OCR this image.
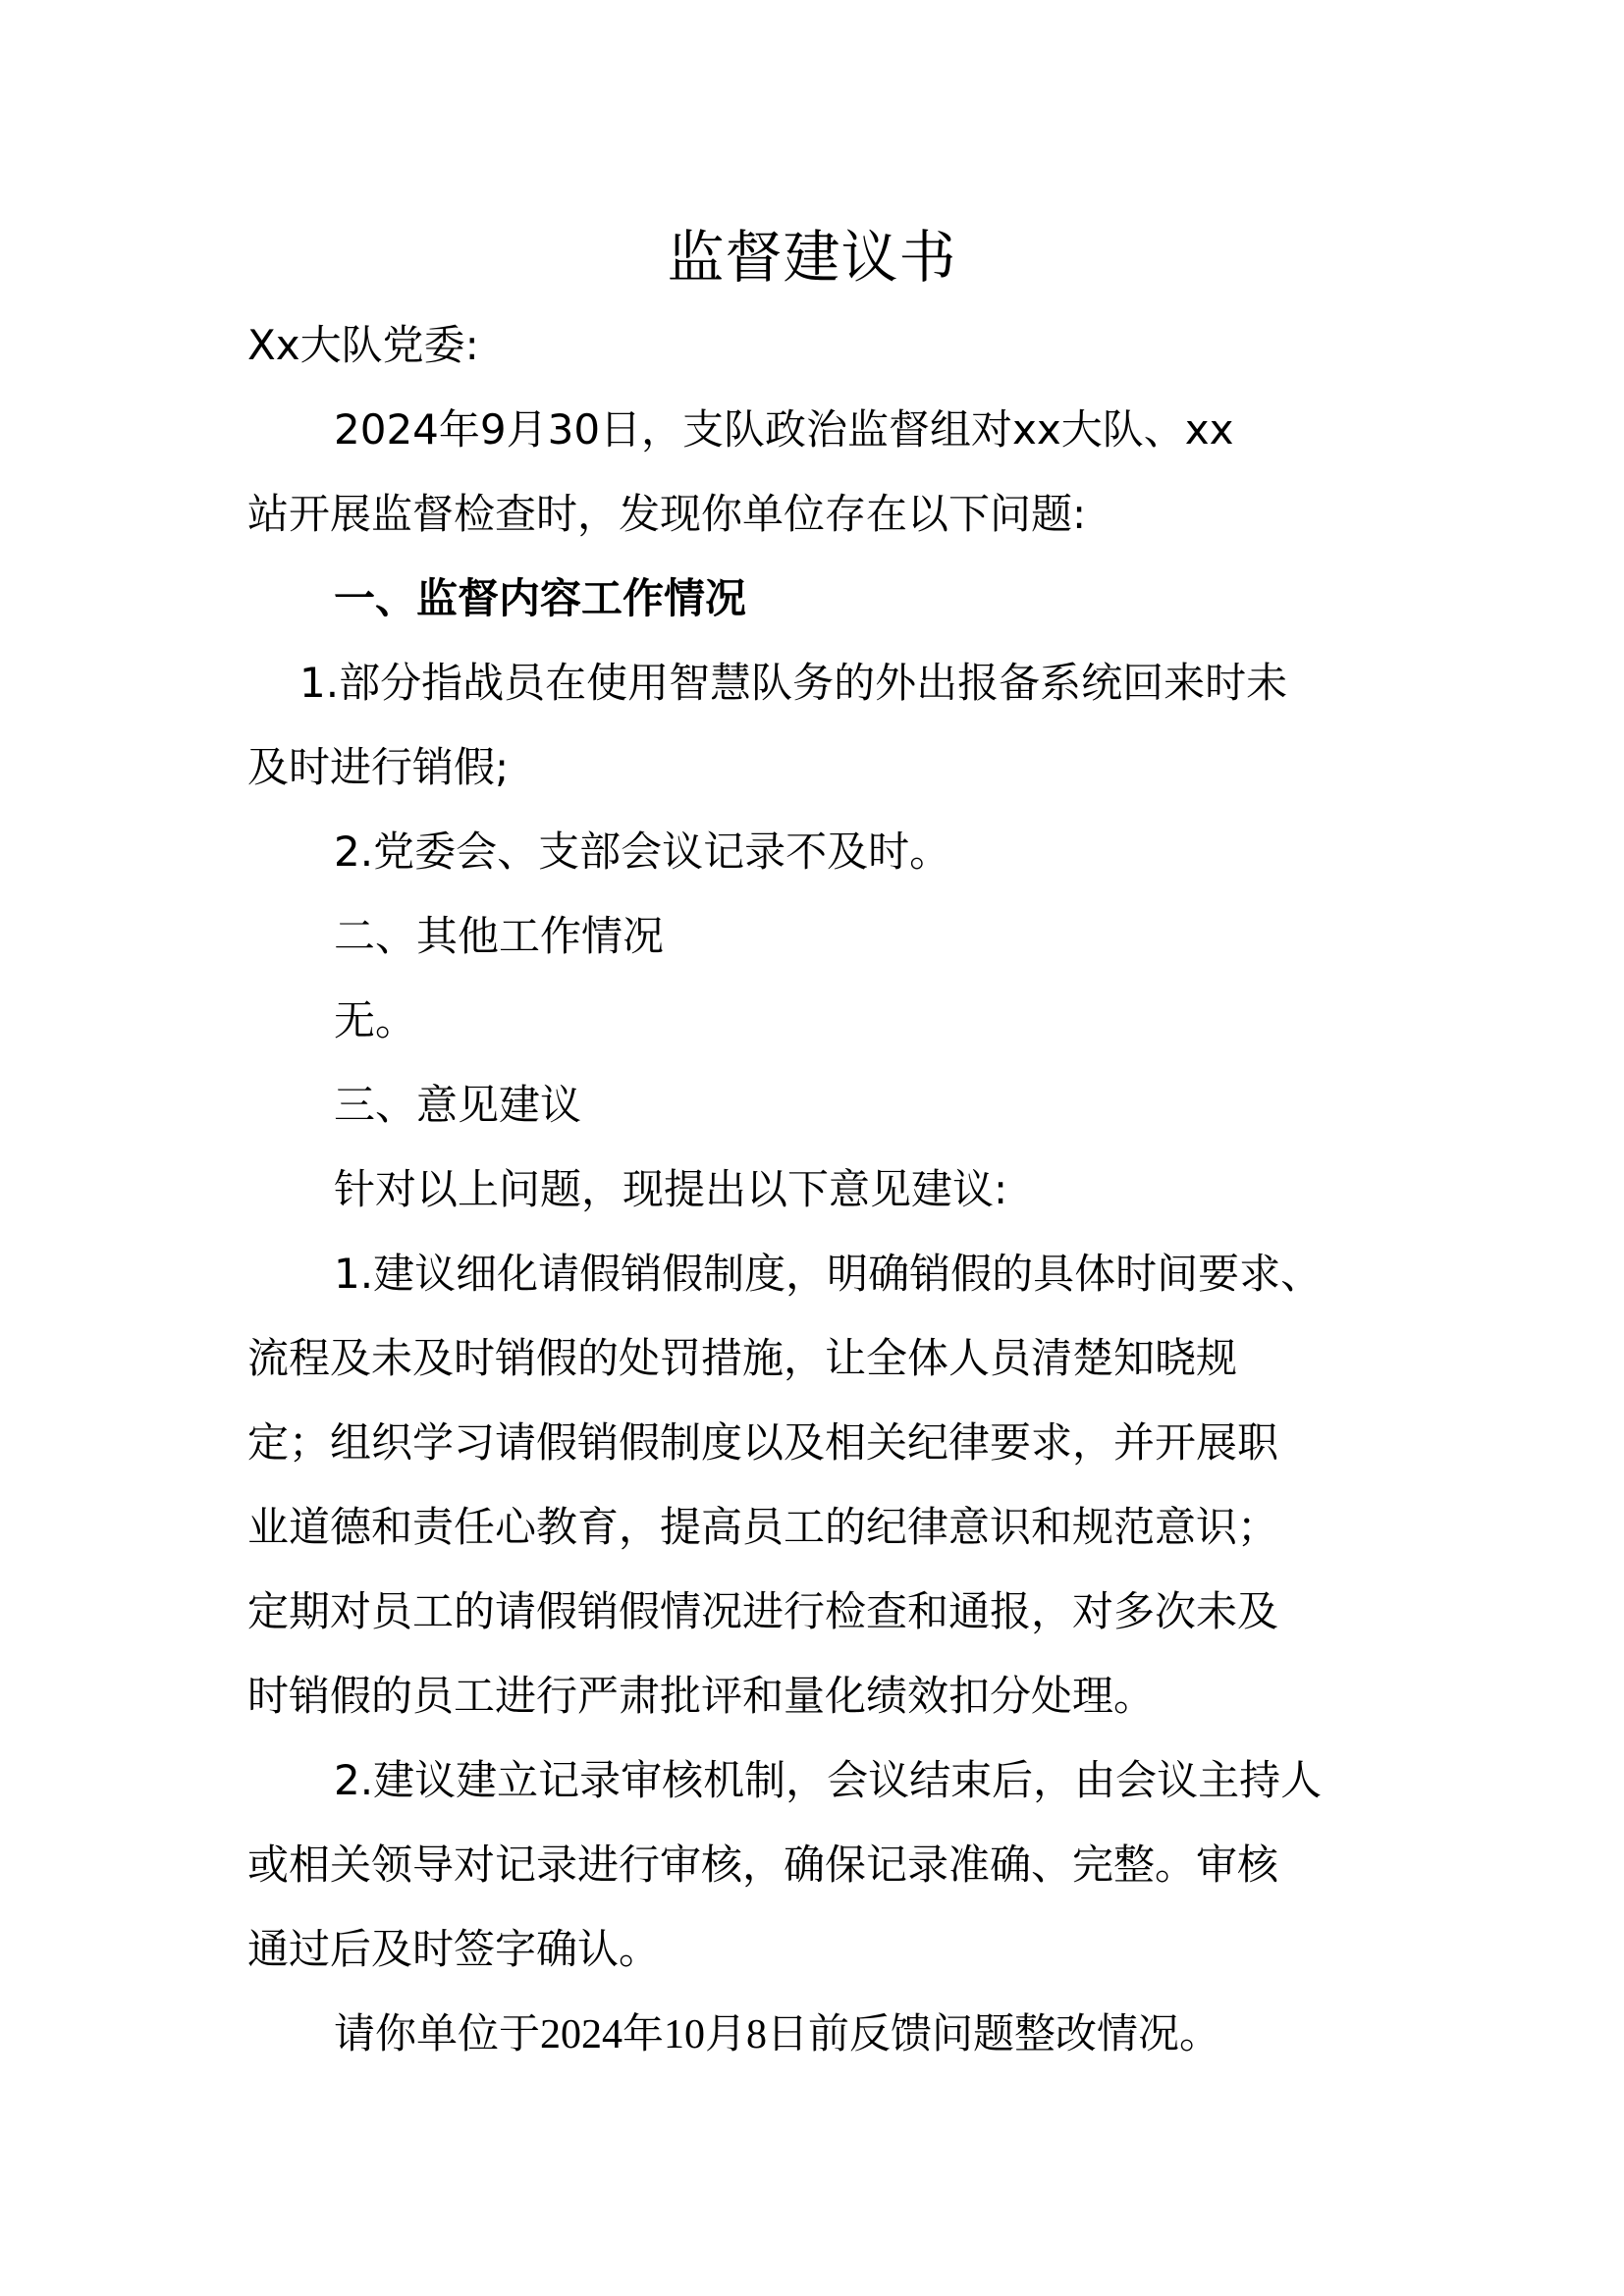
监督建议书

Xx大队党委:

2024年9月30日，支队政治监督组对xx大队、xx

站开展监督检查时，发现你单位存在以下问题:

一、监督内容工作情况

1.部分指战员在使用智慧队务的外出报备系统回来时未

及时进行销假;

2.党委会、支部会议记录不及时。

二、其他工作情况

无。

三、意见建议

针对以上问题，现提出以下意见建议:

1.建议细化请假销假制度，明确销假的具体时间要求、

流程及未及时销假的处罚措施，让全体人员清楚知晓规

定；组织学习请假销假制度以及相关纪律要求，并开展职

业道德和责任心教育，提高员工的纪律意识和规范意识；

定期对员工的请假销假情况进行检查和通报，对多次未及

时销假的员工进行严肃批评和量化绩效扣分处理。

2.建议建立记录审核机制，会议结束后，由会议主持人

或相关领导对记录进行审核，确保记录准确、完整。审核

通过后及时签字确认。

请你单位于2024年10月8日前反馈问题整改情况。
